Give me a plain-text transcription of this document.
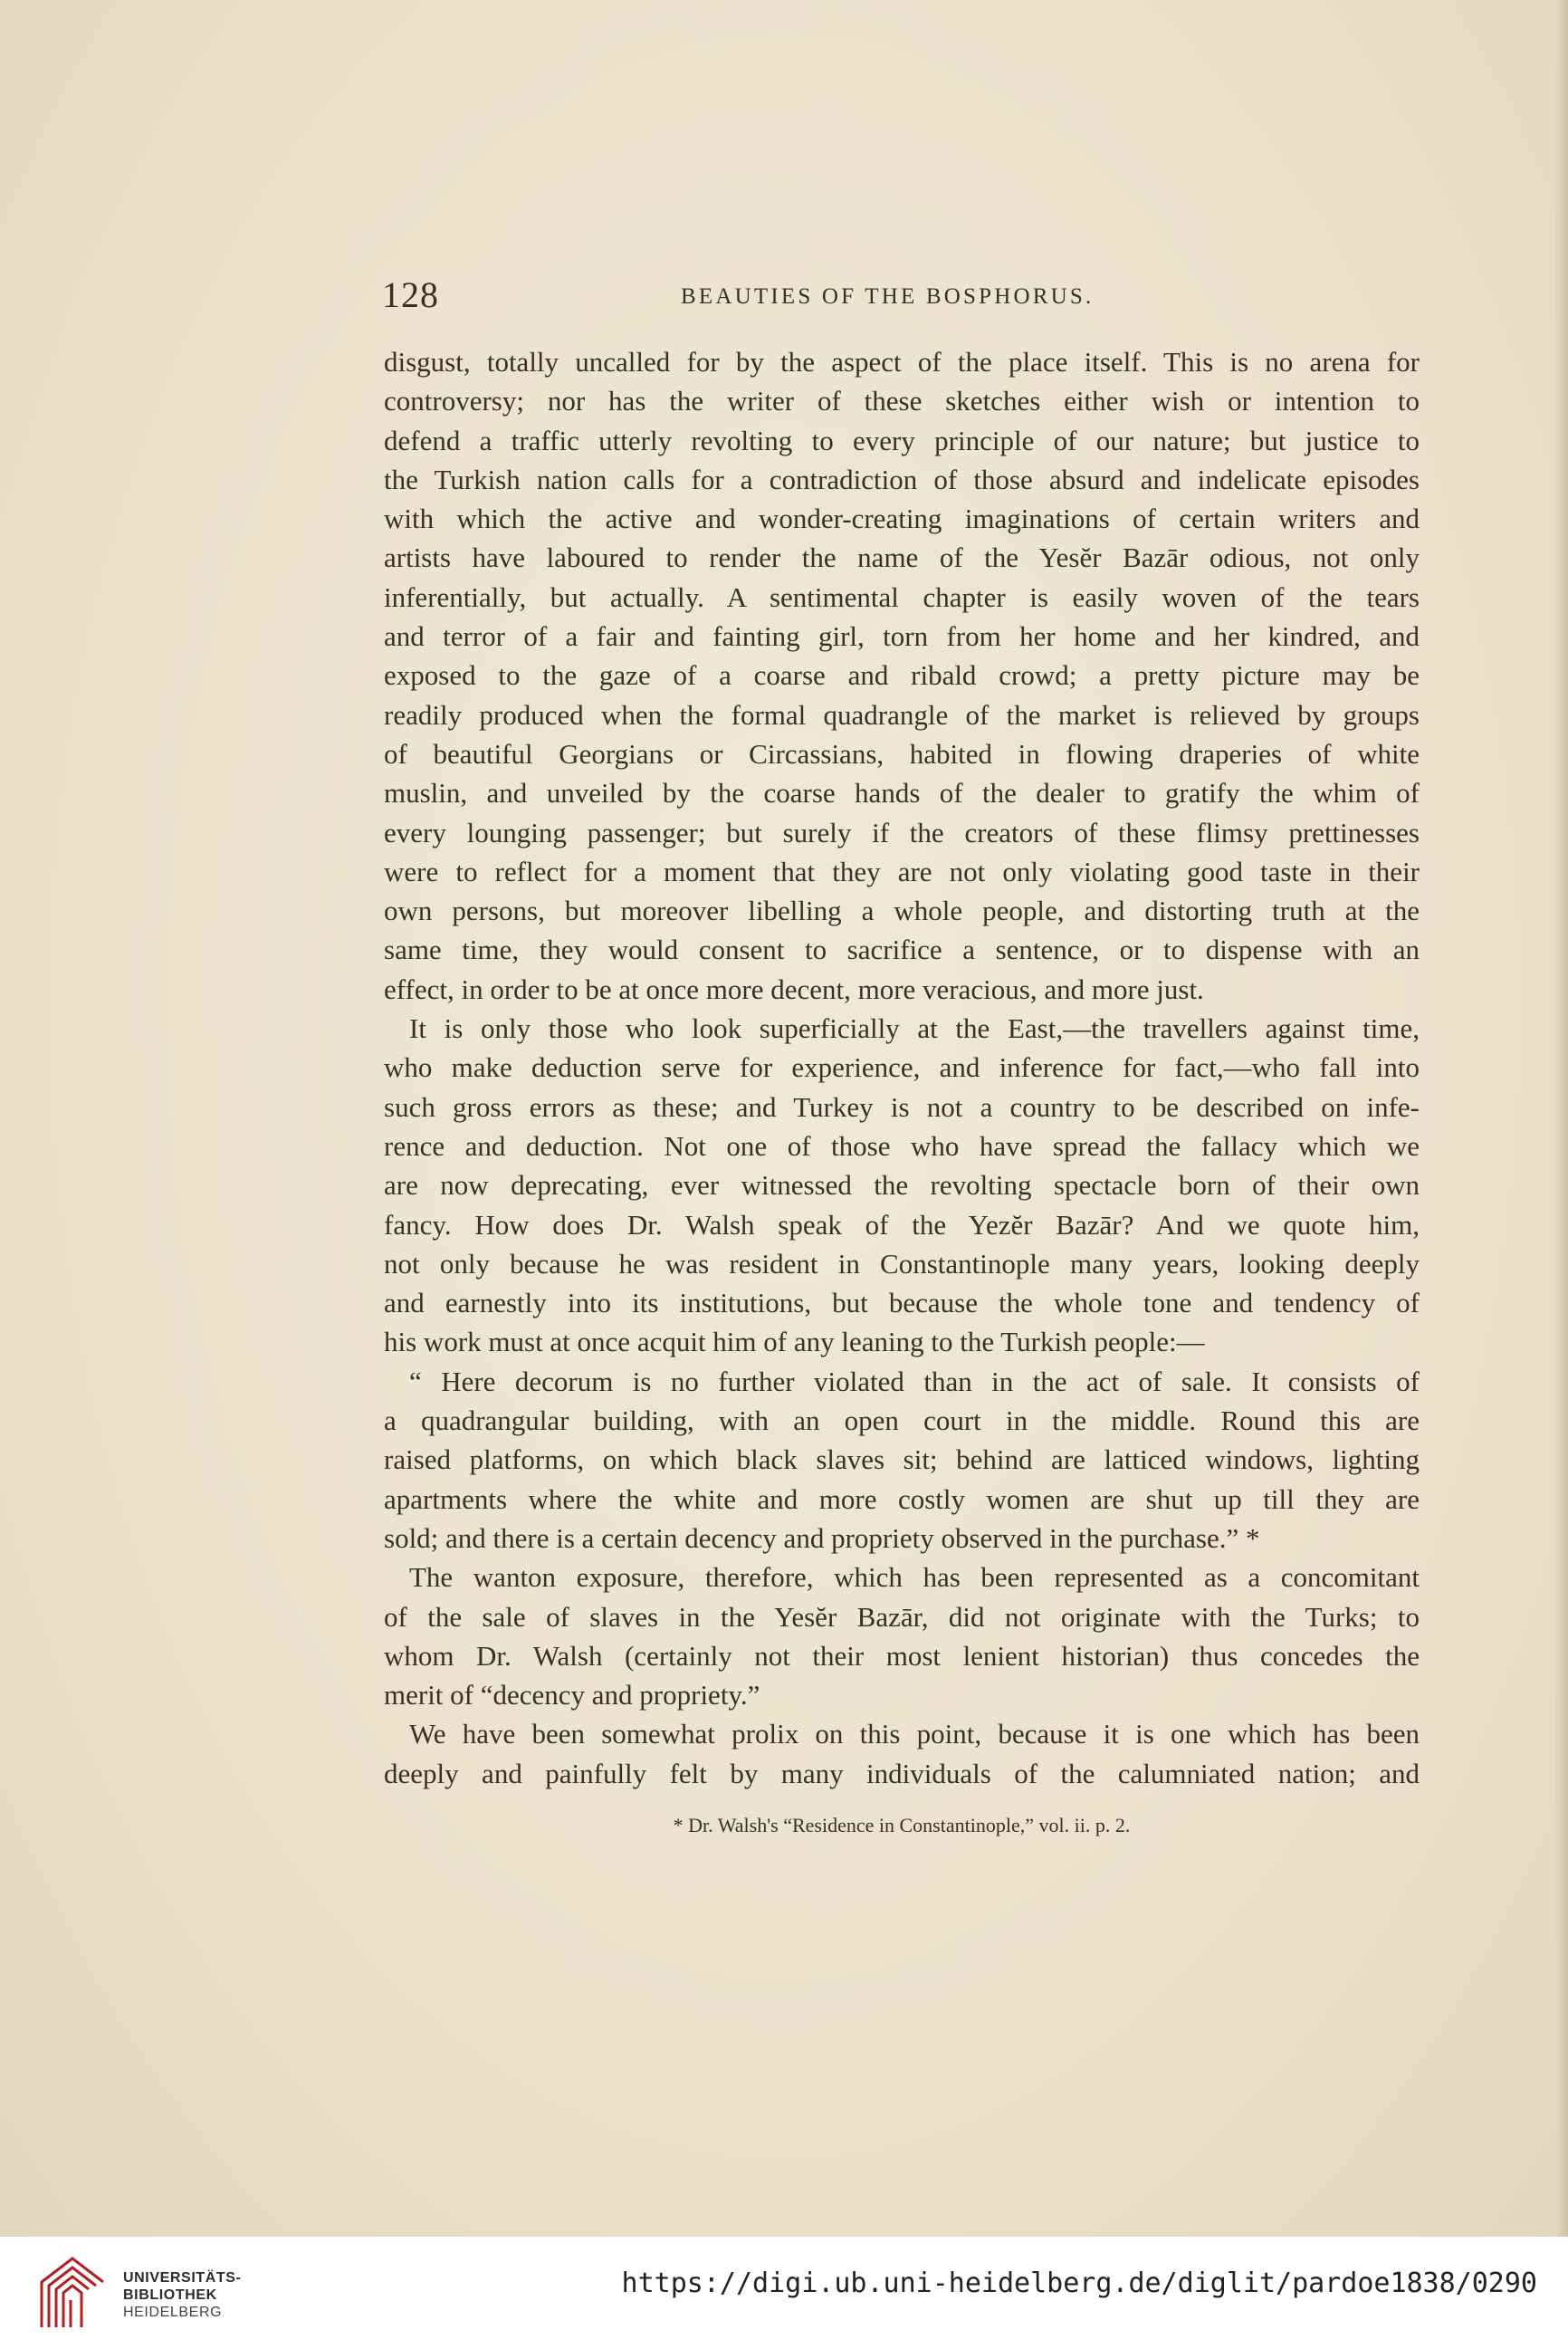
128	BEAUTIES OF THE BOSPHORUS.
disgust, totally uncalled for by the aspect of the place itself. This is no arena for
controversy; nor has the writer of these sketches either wish or intention to
defend a traffic utterly revolting to every principle of our nature; but justice to
the Turkish nation calls for a contradiction of those absurd and indelicate episodes
with which the active and wonder-creating imaginations of certain writers and
artists have laboured to render the name of the Yesĕr Bazār odious, not only
inferentially, but actually. A sentimental chapter is easily woven of the tears
and terror of a fair and fainting girl, torn from her home and her kindred, and
exposed to the gaze of a coarse and ribald crowd; a pretty picture may be
readily produced when the formal quadrangle of the market is relieved by groups
of beautiful Georgians or Circassians, habited in flowing draperies of white
muslin, and unveiled by the coarse hands of the dealer to gratify the whim of
every lounging passenger; but surely if the creators of these flimsy prettinesses
were to reflect for a moment that they are not only violating good taste in their
own persons, but moreover libelling a whole people, and distorting truth at the
same time, they would consent to sacrifice a sentence, or to dispense with an
effect, in order to be at once more decent, more veracious, and more just.
It is only those who look superficially at the East,—the travellers against time,
who make deduction serve for experience, and inference for fact,—who fall into
such gross errors as these; and Turkey is not a country to be described on infe-
rence and deduction. Not one of those who have spread the fallacy which we
are now deprecating, ever witnessed the revolting spectacle born of their own
fancy. How does Dr. Walsh speak of the Yezĕr Bazār? And we quote him,
not only because he was resident in Constantinople many years, looking deeply
and earnestly into its institutions, but because the whole tone and tendency of
his work must at once acquit him of any leaning to the Turkish people:—
“ Here decorum is no further violated than in the act of sale. It consists of
a quadrangular building, with an open court in the middle. Round this are
raised platforms, on which black slaves sit; behind are latticed windows, lighting
apartments where the white and more costly women are shut up till they are
sold; and there is a certain decency and propriety observed in the purchase.” *
The wanton exposure, therefore, which has been represented as a concomitant
of the sale of slaves in the Yesĕr Bazār, did not originate with the Turks; to
whom Dr. Walsh (certainly not their most lenient historian) thus concedes the
merit of “decency and propriety.”
We have been somewhat prolix on this point, because it is one which has been
deeply and painfully felt by many individuals of the calumniated nation; and
* Dr. Walsh's “Residence in Constantinople,” vol. ii. p. 2.
UNIVERSITÄTS-
BIBLIOTHEK
HEIDELBERG
https://digi.ub.uni-heidelberg.de/diglit/pardoe1838/0290
